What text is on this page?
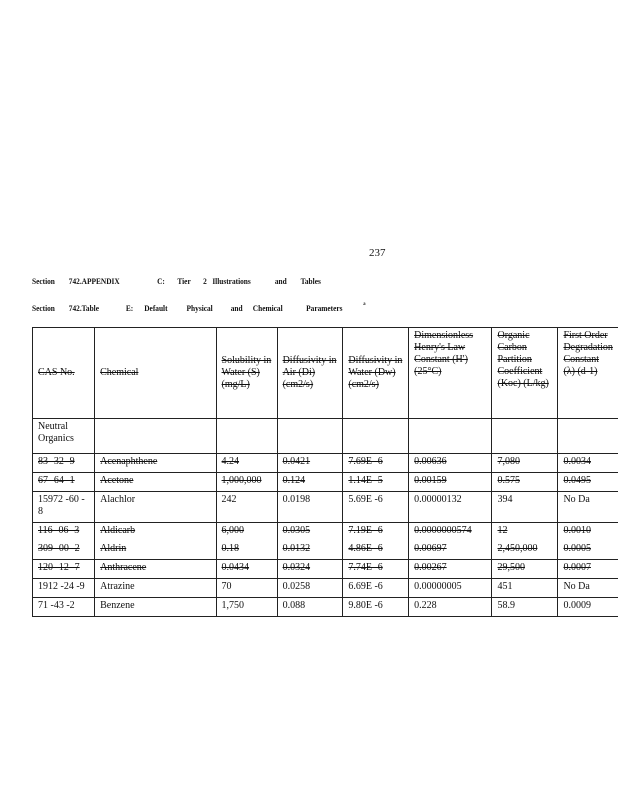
237
Section 742.APPENDIX	C: Tier 2 Illustrations	and Tables
Section 742.Table	E: Default Physical and Chemical	Parameters	a
CAS No.	Chemical	Solubility in Water (S) (mg/L)	Diffusivity in Air (Di) (cm2/s)	Diffusivity in Water (Dw) (cm2/s)	Dimensionless Henry's Law Constant (H') (25°C)	Organic Carbon Partition Coefficient (Koc) (L/kg)	First Order Degradation Constant (λ) (d-1)

Neutral Organics							
83 -32 -9	Acenaphthene	4.24	0.0421	7.69E -6	0.00636	7,080	0.0034
67 -64 -1	Acetone	1,000,000	0.124	1.14E -5	0.00159	0.575	0.0495
15972 -60 - 8	Alachlor	242	0.0198	5.69E -6	0.00000132	394	No Da
116 -06 -3	Aldicarb	6,000	0.0305	7.19E -6	0.0000000574	12	0.0010
309 -00 -2	Aldrin	0.18	0.0132	4.86E -6	0.00697	2,450,000	0.0005
120 -12 -7	Anthracene	0.0434	0.0324	7.74E -6	0.00267	29,500	0.0007
1912 -24 -9	Atrazine	70	0.0258	6.69E -6	0.00000005	451	No Da
71 -43 -2	Benzene	1,750	0.088	9.80E -6	0.228	58.9	0.0009
